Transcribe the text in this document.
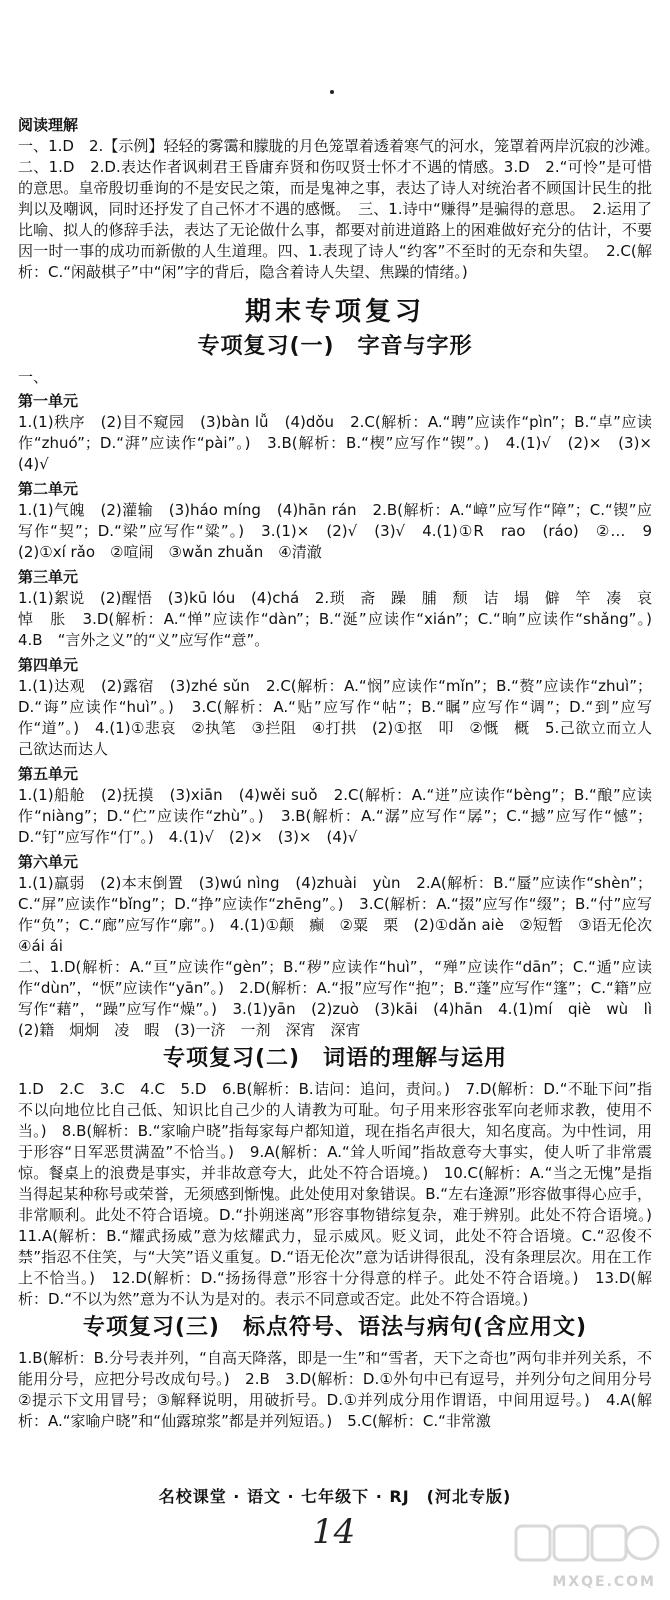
阅读理解

一、1.D　2.【示例】轻轻的雾霭和朦胧的月色笼罩着透着寒气的河水，笼罩着两岸沉寂的沙滩。　二、1.D　2.D.表达作者讽刺君王昏庸弃贤和伤叹贤士怀才不遇的情感。3.D　2.“可怜”是可惜的意思。皇帝殷切垂询的不是安民之策，而是鬼神之事，表达了诗人对统治者不顾国计民生的批判以及嘲讽，同时还抒发了自己怀才不遇的感慨。　三、1.诗中“赚得”是骗得的意思。　2.运用了比喻、拟人的修辞手法，表达了无论做什么事，都要对前进道路上的困难做好充分的估计，不要因一时一事的成功而新傲的人生道理。四、1.表现了诗人“约客”不至时的无奈和失望。　2.C(解析：C.“闲敲棋子”中“闲”字的背后，隐含着诗人失望、焦躁的情绪。)

期末专项复习
专项复习(一)　字音与字形
一、
第一单元

1.(1)秩序　(2)目不窥园　(3)bàn lǚ　(4)dǒu　2.C(解析：A.“聘”应读作“pìn”；B.“卓”应读作“zhuó”；D.“湃”应读作“pài”。)　3.B(解析：B.“楔”应写作“锲”。)　4.(1)√　(2)×　(3)×　(4)√

第二单元

1.(1)气魄　(2)灌输　(3)háo míng　(4)hān rán　2.B(解析：A.“嶂”应写作“障”；C.“锲”应写作“契”；D.“梁”应写作“粱”。)　3.(1)×　(2)√　(3)√　4.(1)①R　rao　(ráo)　②…　9　(2)①xí rǎo　②喧闹　③wǎn zhuǎn　④清澈

第三单元

1.(1)絮说　(2)醒悟　(3)kū lóu　(4)chá　2.琐　斋　躁　脯　颓　诘　塌　僻　竿　凑　哀　悼　胀　3.D(解析：A.“惮”应读作“dàn”；B.“涎”应读作“xián”；C.“晌”应读作“shǎng”。)　4.B　“言外之义”的“义”应写作“意”。

第四单元

1.(1)达观　(2)露宿　(3)zhé sǔn　2.C(解析：A.“悯”应读作“mǐn”；B.“赘”应读作“zhuì”；D.“诲”应读作“huì”。)　3.C(解析：A.“贴”应写作“帖”；B.“瞩”应写作“调”；D.“到”应写作“道”。)　4.(1)①悲哀　②执笔　③拦阻　④打拱　(2)①抠　叩　②慨　概　5.己欲立而立人　己欲达而达人

第五单元

1.(1)船舱　(2)抚摸　(3)xiān　(4)wěi suǒ　2.C(解析：A.“迸”应读作“bèng”；B.“酿”应读作“niàng”；D.“伫”应读作“zhù”。)　3.B(解析：A.“潺”应写作“孱”；C.“撼”应写作“憾”；D.“钉”应写作“仃”。)　4.(1)√　(2)×　(3)×　(4)√

第六单元

1.(1)羸弱　(2)本末倒置　(3)wú nìng　(4)zhuài　yùn　2.A(解析：B.“蜃”应读作“shèn”；C.“屏”应读作“bǐng”；D.“挣”应读作“zhēng”。)　3.C(解析：A.“掇”应写作“缀”；B.“付”应写作“负”；C.“廊”应写作“廓”。)　4.(1)①颠　癫　②粟　栗　(2)①dǎn aiè　②短暂　③语无伦次　④ái ái

二、1.D(解析：A.“亘”应读作“gèn”；B.“秽”应读作“huì”，“殚”应读作“dān”；C.“遁”应读作“dùn”，“恹”应读作“yān”。)　2.D(解析：A.“报”应写作“抱”；B.“蓬”应写作“篷”；C.“籍”应写作“藉”，“躁”应写作“燥”。)　3.(1)yān　(2)zuò　(3)kāi　(4)hān　4.(1)mí　qiè　wù　lì　(2)籍　炯炯　凌　暇　(3)一济　一剂　深宵　深宵

专项复习(二)　词语的理解与运用

1.D　2.C　3.C　4.C　5.D　6.B(解析：B.诘问：追问，责问。)　7.D(解析：D.“不耻下问”指不以向地位比自己低、知识比自己少的人请教为可耻。句子用来形容张军向老师求教，使用不当。)　8.B(解析：B.“家喻户晓”指每家每户都知道，现在指名声很大，知名度高。为中性词，用于形容“日军恶贯满盈”不恰当。)　9.A(解析：A.“耸人听闻”指故意夸大事实，使人听了非常震惊。餐桌上的浪费是事实，并非故意夸大，此处不符合语境。)　10.C(解析：A.“当之无愧”是指当得起某种称号或荣誉，无须感到惭愧。此处使用对象错误。B.“左右逢源”形容做事得心应手，非常顺利。此处不符合语境。D.“扑朔迷离”形容事物错综复杂，难于辨别。此处不符合语境。)　11.A(解析：B.“耀武扬威”意为炫耀武力，显示威风。贬义词，此处不符合语境。C.“忍俊不禁”指忍不住笑，与“大笑”语义重复。D.“语无伦次”意为话讲得很乱，没有条理层次。用在工作上不恰当。)　12.D(解析：D.“扬扬得意”形容十分得意的样子。此处不符合语境。)　13.D(解析：D.“不以为然”意为不认为是对的。表示不同意或否定。此处不符合语境。)

专项复习(三)　标点符号、语法与病句(含应用文)

1.B(解析：B.分号表并列，“自高天降落，即是一生”和“雪者，天下之奇也”两句非并列关系，不能用分号，应把分号改成句号。)　2.B　3.D(解析：D.①外句中已有逗号，并列分句之间用分号　②提示下文用冒号；③解释说明，用破折号。D.①并列成分用作谓语，中间用逗号。)　4.A(解析：A.“家喻户晓”和“仙露琼浆”都是并列短语。)　5.C(解析：C.“非常激

名校课堂 · 语文 · 七年级下 · RJ　(河北专版)
14
MXQE.COM
